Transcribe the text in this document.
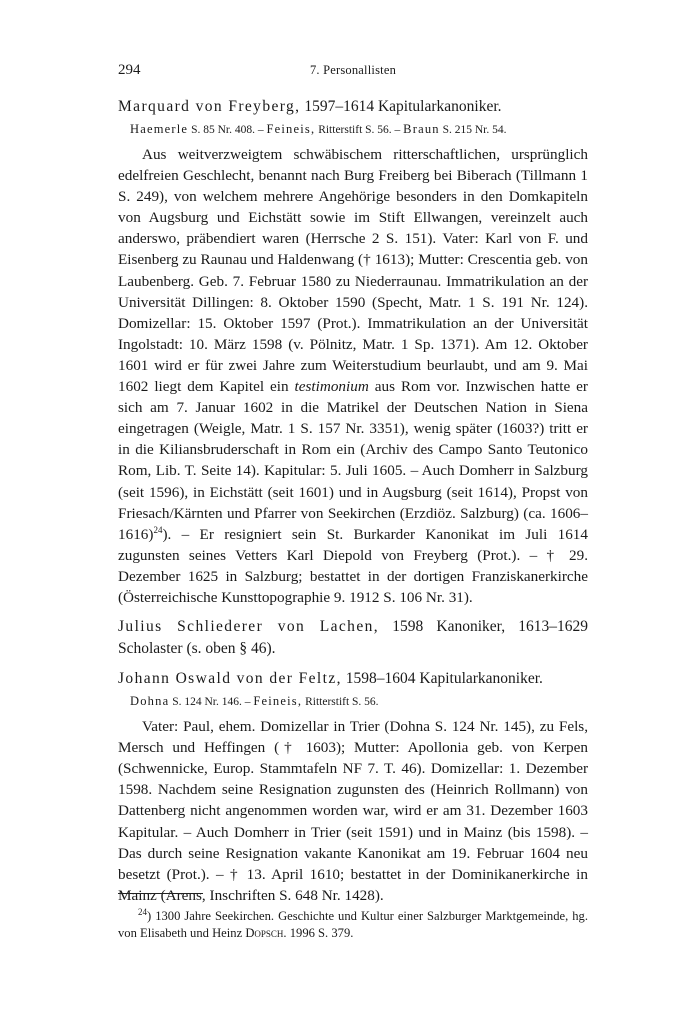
294	7. Personallisten
Marquard von Freyberg, 1597–1614 Kapitularkanoniker.
Haemerle S. 85 Nr. 408. – Feineis, Ritterstift S. 56. – Braun S. 215 Nr. 54.

Aus weitverzweigtem schwäbischem ritterschaftlichen, ursprünglich edelfreien Geschlecht, benannt nach Burg Freiberg bei Biberach (Tillmann 1 S. 249), von welchem mehrere Angehörige besonders in den Domkapiteln von Augsburg und Eichstätt sowie im Stift Ellwangen, vereinzelt auch anderswo, präbendiert waren (Herrsche 2 S. 151). Vater: Karl von F. und Eisenberg zu Raunau und Haldenwang († 1613); Mutter: Crescentia geb. von Laubenberg. Geb. 7. Februar 1580 zu Niederraunau. Immatrikulation an der Universität Dillingen: 8. Oktober 1590 (Specht, Matr. 1 S. 191 Nr. 124). Domizellar: 15. Oktober 1597 (Prot.). Immatrikulation an der Universität Ingolstadt: 10. März 1598 (v. Pölnitz, Matr. 1 Sp. 1371). Am 12. Oktober 1601 wird er für zwei Jahre zum Weiterstudium beurlaubt, und am 9. Mai 1602 liegt dem Kapitel ein testimonium aus Rom vor. Inzwischen hatte er sich am 7. Januar 1602 in die Matrikel der Deutschen Nation in Siena eingetragen (Weigle, Matr. 1 S. 157 Nr. 3351), wenig später (1603?) tritt er in die Kiliansbruderschaft in Rom ein (Archiv des Campo Santo Teutonico Rom, Lib. T. Seite 14). Kapitular: 5. Juli 1605. – Auch Domherr in Salzburg (seit 1596), in Eichstätt (seit 1601) und in Augsburg (seit 1614), Propst von Friesach/Kärnten und Pfarrer von Seekirchen (Erzdiöz. Salzburg) (ca. 1606–1616)$^{24}$). – Er resigniert sein St. Burkarder Kanonikat im Juli 1614 zugunsten seines Vetters Karl Diepold von Freyberg (Prot.). – † 29. Dezember 1625 in Salzburg; bestattet in der dortigen Franziskanerkirche (Österreichische Kunsttopographie 9. 1912 S. 106 Nr. 31).

Julius Schliederer von Lachen, 1598 Kanoniker, 1613–1629 Scholaster (s. oben § 46).
Johann Oswald von der Feltz, 1598–1604 Kapitularkanoniker.
Dohna S. 124 Nr. 146. – Feineis, Ritterstift S. 56.

Vater: Paul, ehem. Domizellar in Trier (Dohna S. 124 Nr. 145), zu Fels, Mersch und Heffingen († 1603); Mutter: Apollonia geb. von Kerpen (Schwennicke, Europ. Stammtafeln NF 7. T. 46). Domizellar: 1. Dezember 1598. Nachdem seine Resignation zugunsten des (Heinrich Rollmann) von Dattenberg nicht angenommen worden war, wird er am 31. Dezember 1603 Kapitular. – Auch Domherr in Trier (seit 1591) und in Mainz (bis 1598). – Das durch seine Resignation vakante Kanonikat am 19. Februar 1604 neu besetzt (Prot.). – † 13. April 1610; bestattet in der Dominikanerkirche in Mainz (Arens, Inschriften S. 648 Nr. 1428).

$^{24}$) 1300 Jahre Seekirchen. Geschichte und Kultur einer Salzburger Marktgemeinde, hg. von Elisabeth und Heinz Dopsch. 1996 S. 379.
